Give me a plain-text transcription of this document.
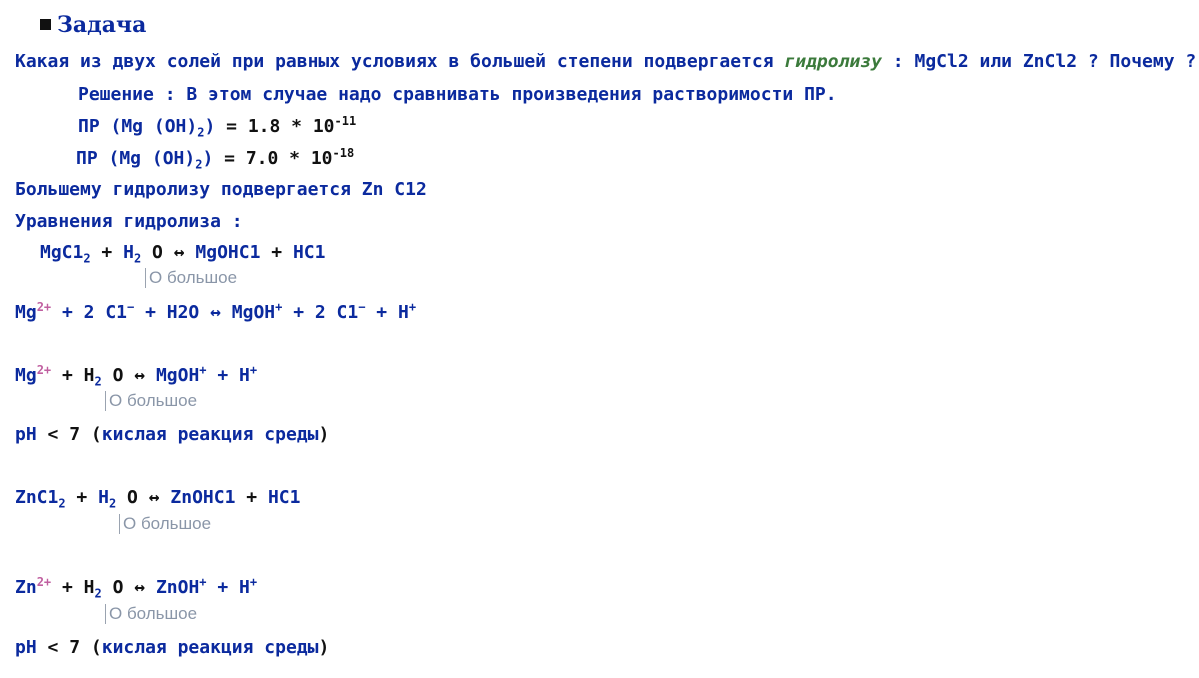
Задача
Какая из двух солей при равных условиях в большей степени подвергается гидролизу : MgCl2 или ZnCl2 ? Почему ?
Решение : В этом случае надо сравнивать произведения растворимости ПР.
ПР (Mg $(OH)_2) = 1.8 * 10^{-11}$
ПР (Mg $(OH)_2) = 7.0 * 10^{-18}$
Большему гидролизу подвергается Zn C12
Уравнения гидролиза :
$MgC1_2 + H_2$ O ↔ MgOHC1 + HC1
O большое
$Mg^{2+} + 2$ C1− + H2O ↔ MgOH+ + 2 C1− + H+
$Mg^{2+} + H_2$ O ↔ MgOH+ + H+
O большое
pH < 7 (кислая реакция среды)
$ZnC1_2 + H_2$ O ↔ ZnOHC1 + HC1
O большое
$Zn^{2+} + H_2$ O ↔ ZnOH+ + H+
O большое
pH < 7 (кислая реакция среды)
